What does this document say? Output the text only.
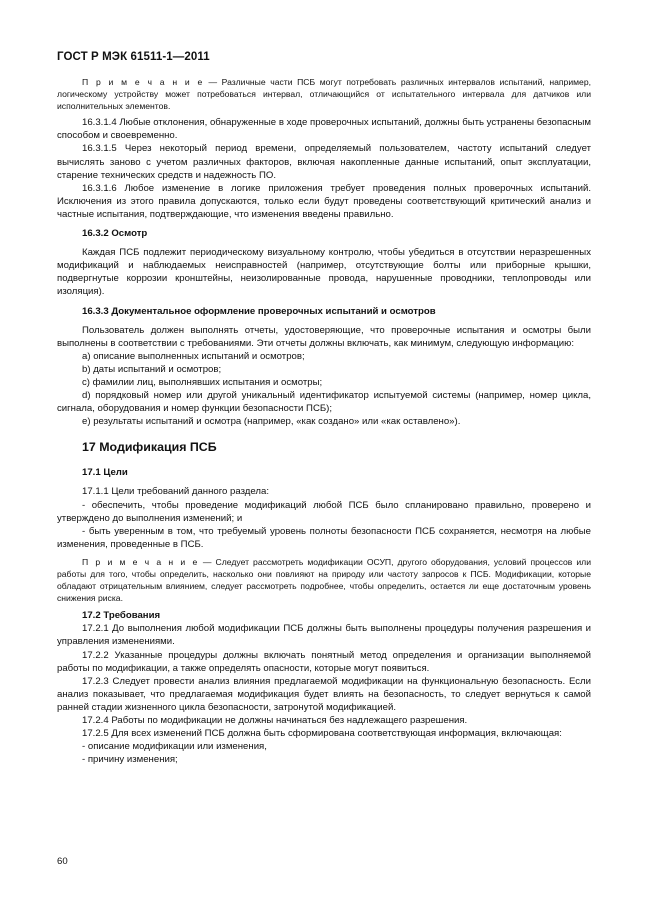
ГОСТ Р МЭК 61511-1—2011

П р и м е ч а н и е — Различные части ПСБ могут потребовать различных интервалов испытаний, например, логическому устройству может потребоваться интервал, отличающийся от испытательного интервала для датчиков или исполнительных элементов.

16.3.1.4 Любые отклонения, обнаруженные в ходе проверочных испытаний, должны быть устранены безопасным способом и своевременно.

16.3.1.5 Через некоторый период времени, определяемый пользователем, частоту испытаний следует вычислять заново с учетом различных факторов, включая накопленные данные испытаний, опыт эксплуатации, старение технических средств и надежность ПО.

16.3.1.6 Любое изменение в логике приложения требует проведения полных проверочных испытаний. Исключения из этого правила допускаются, только если будут проведены соответствующий критический анализ и частные испытания, подтверждающие, что изменения введены правильно.

16.3.2 Осмотр

Каждая ПСБ подлежит периодическому визуальному контролю, чтобы убедиться в отсутствии неразрешенных модификаций и наблюдаемых неисправностей (например, отсутствующие болты или приборные крышки, подвергнутые коррозии кронштейны, неизолированные провода, нарушенные проводники, теплопроводы или изоляция).

16.3.3 Документальное оформление проверочных испытаний и осмотров

Пользователь должен выполнять отчеты, удостоверяющие, что проверочные испытания и осмотры были выполнены в соответствии с требованиями. Эти отчеты должны включать, как минимум, следующую информацию:

a) описание выполненных испытаний и осмотров;

b) даты испытаний и осмотров;

c) фамилии лиц, выполнявших испытания и осмотры;

d) порядковый номер или другой уникальный идентификатор испытуемой системы (например, номер цикла, сигнала, оборудования и номер функции безопасности ПСБ);

e) результаты испытаний и осмотра (например, «как создано» или «как оставлено»).

17 Модификация ПСБ

17.1 Цели

17.1.1 Цели требований данного раздела:

- обеспечить, чтобы проведение модификаций любой ПСБ было спланировано правильно, проверено и утверждено до выполнения изменений; и

- быть уверенным в том, что требуемый уровень полноты безопасности ПСБ сохраняется, несмотря на любые изменения, проведенные в ПСБ.

П р и м е ч а н и е — Следует рассмотреть модификации ОСУП, другого оборудования, условий процессов или работы для того, чтобы определить, насколько они повлияют на природу или частоту запросов к ПСБ. Модификации, которые обладают отрицательным влиянием, следует рассмотреть подробнее, чтобы определить, остается ли еще достаточным уровень снижения риска.

17.2 Требования

17.2.1 До выполнения любой модификации ПСБ должны быть выполнены процедуры получения разрешения и управления изменениями.

17.2.2 Указанные процедуры должны включать понятный метод определения и организации выполняемой работы по модификации, а также определять опасности, которые могут появиться.

17.2.3 Следует провести анализ влияния предлагаемой модификации на функциональную безопасность. Если анализ показывает, что предлагаемая модификация будет влиять на безопасность, то следует вернуться к самой ранней стадии жизненного цикла безопасности, затронутой модификацией.

17.2.4 Работы по модификации не должны начинаться без надлежащего разрешения.

17.2.5 Для всех изменений ПСБ должна быть сформирована соответствующая информация, включающая:

- описание модификации или изменения,

- причину изменения;

60
